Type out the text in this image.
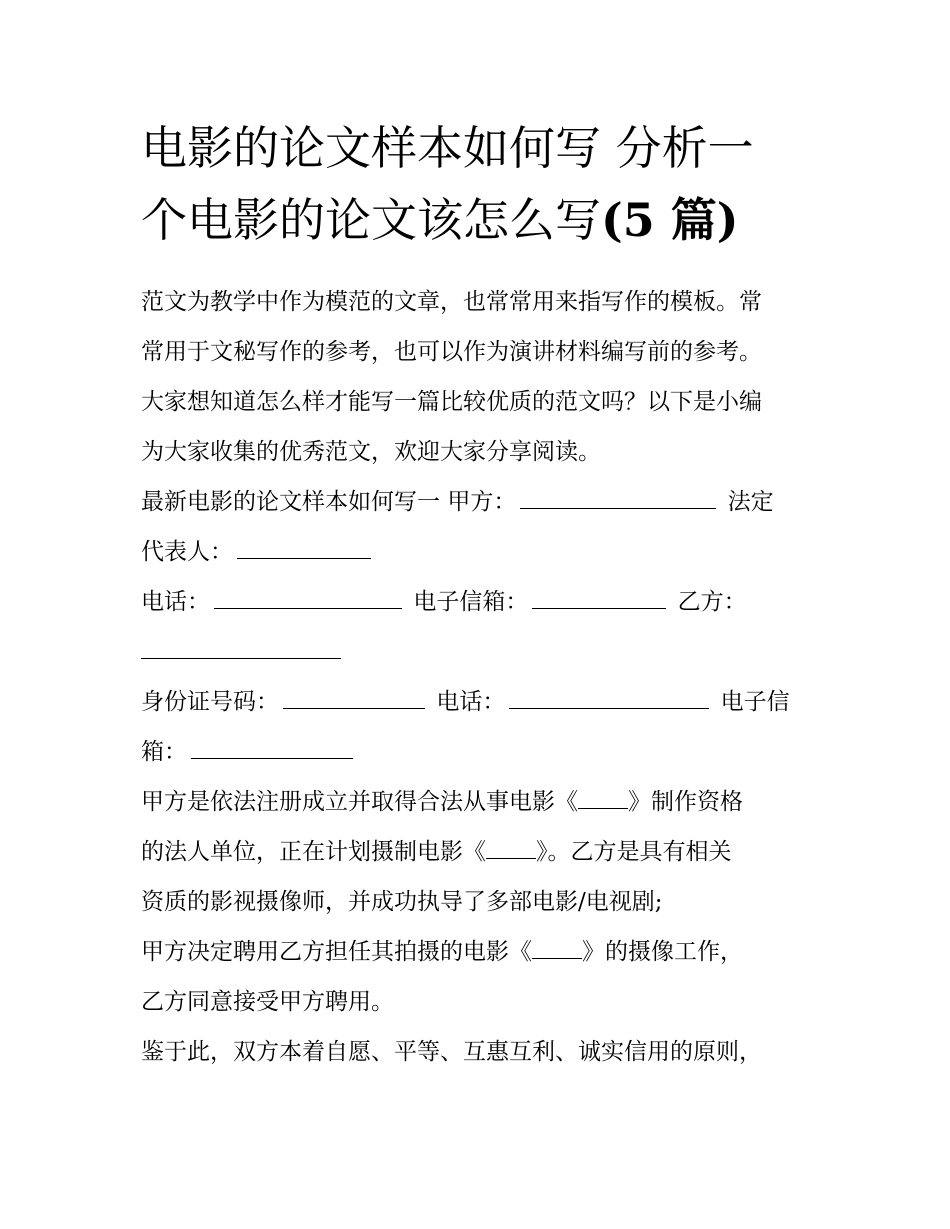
电影的论文样本如何写 分析一
个电影的论文该怎么写(5 篇)
范文为教学中作为模范的文章，也常常用来指写作的模板。常
常用于文秘写作的参考，也可以作为演讲材料编写前的参考。
大家想知道怎么样才能写一篇比较优质的范文吗？以下是小编
为大家收集的优秀范文，欢迎大家分享阅读。
最新电影的论文样本如何写一 甲方：	法定
代表人：
电话：	电子信箱：	乙方：
身份证号码：	电话：	电子信
箱：
甲方是依法注册成立并取得合法从事电影《 》制作资格
的法人单位，正在计划摄制电影《 》。乙方是具有相关
资质的影视摄像师，并成功执导了多部电影/电视剧;
甲方决定聘用乙方担任其拍摄的电影《 》的摄像工作，
乙方同意接受甲方聘用。
鉴于此，双方本着自愿、平等、互惠互利、诚实信用的原则，
